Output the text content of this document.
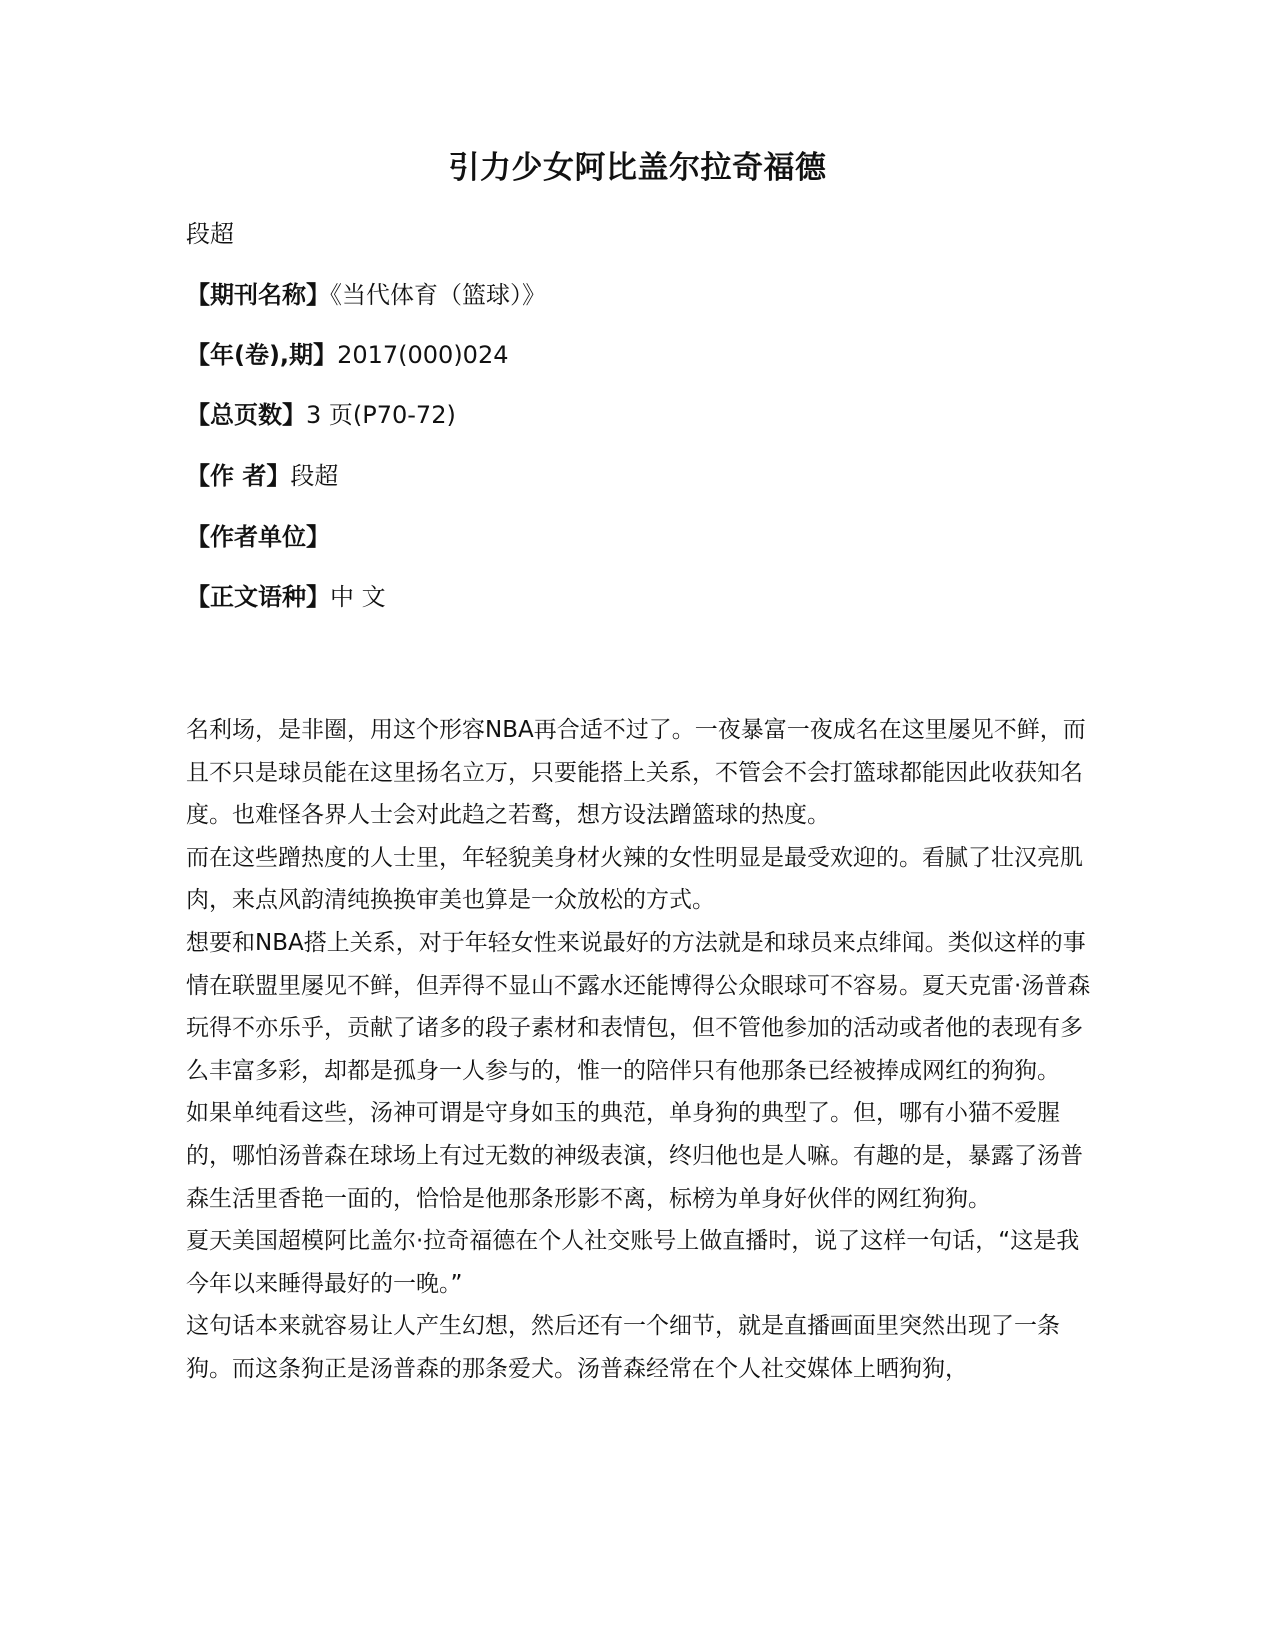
引力少女阿比盖尔拉奇福德
段超
【期刊名称】《当代体育（篮球）》
【年(卷),期】2017(000)024
【总页数】3 页(P70-72)
【作 者】段超
【作者单位】
【正文语种】中 文

名利场，是非圈，用这个形容NBA再合适不过了。一夜暴富一夜成名在这里屡见不鲜，而且不只是球员能在这里扬名立万，只要能搭上关系，不管会不会打篮球都能因此收获知名度。也难怪各界人士会对此趋之若鹜，想方设法蹭篮球的热度。

而在这些蹭热度的人士里，年轻貌美身材火辣的女性明显是最受欢迎的。看腻了壮汉亮肌肉，来点风韵清纯换换审美也算是一众放松的方式。

想要和NBA搭上关系，对于年轻女性来说最好的方法就是和球员来点绯闻。类似这样的事情在联盟里屡见不鲜，但弄得不显山不露水还能博得公众眼球可不容易。夏天克雷·汤普森玩得不亦乐乎，贡献了诸多的段子素材和表情包，但不管他参加的活动或者他的表现有多么丰富多彩，却都是孤身一人参与的，惟一的陪伴只有他那条已经被捧成网红的狗狗。

如果单纯看这些，汤神可谓是守身如玉的典范，单身狗的典型了。但，哪有小猫不爱腥的，哪怕汤普森在球场上有过无数的神级表演，终归他也是人嘛。有趣的是，暴露了汤普森生活里香艳一面的，恰恰是他那条形影不离，标榜为单身好伙伴的网红狗狗。

夏天美国超模阿比盖尔·拉奇福德在个人社交账号上做直播时，说了这样一句话，“这是我今年以来睡得最好的一晚。”

这句话本来就容易让人产生幻想，然后还有一个细节，就是直播画面里突然出现了一条狗。而这条狗正是汤普森的那条爱犬。汤普森经常在个人社交媒体上晒狗狗，
